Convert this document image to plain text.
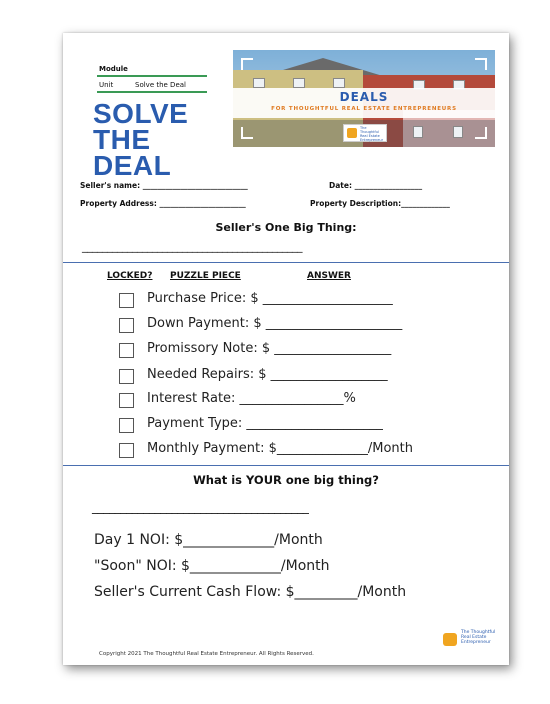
Module
Unit	Solve the Deal
SOLVE
THE
DEAL
DEALS
FOR THOUGHTFUL REAL ESTATE ENTREPRENEURS
The Thoughtful Real Estate Entrepreneur
Seller's name: ____________________________	Date: __________________
Property Address: _______________________	Property Description:_____________
Seller's One Big Thing:
____________________________________________
LOCKED? PUZZLE PIECE	ANSWER
Purchase Price: $ ____________________
Down Payment: $ _____________________
Promissory Note: $ __________________
Needed Repairs: $ __________________
Interest Rate: ________________%
Payment Type: _____________________
Monthly Payment: $______________/Month
What is YOUR one big thing?
______________________________________
Day 1 NOI: $_____________/Month
"Soon" NOI: $_____________/Month
Seller's Current Cash Flow: $_________/Month
Copyright 2021 The Thoughtful Real Estate Entrepreneur. All Rights Reserved.
The Thoughtful Real Estate Entrepreneur
